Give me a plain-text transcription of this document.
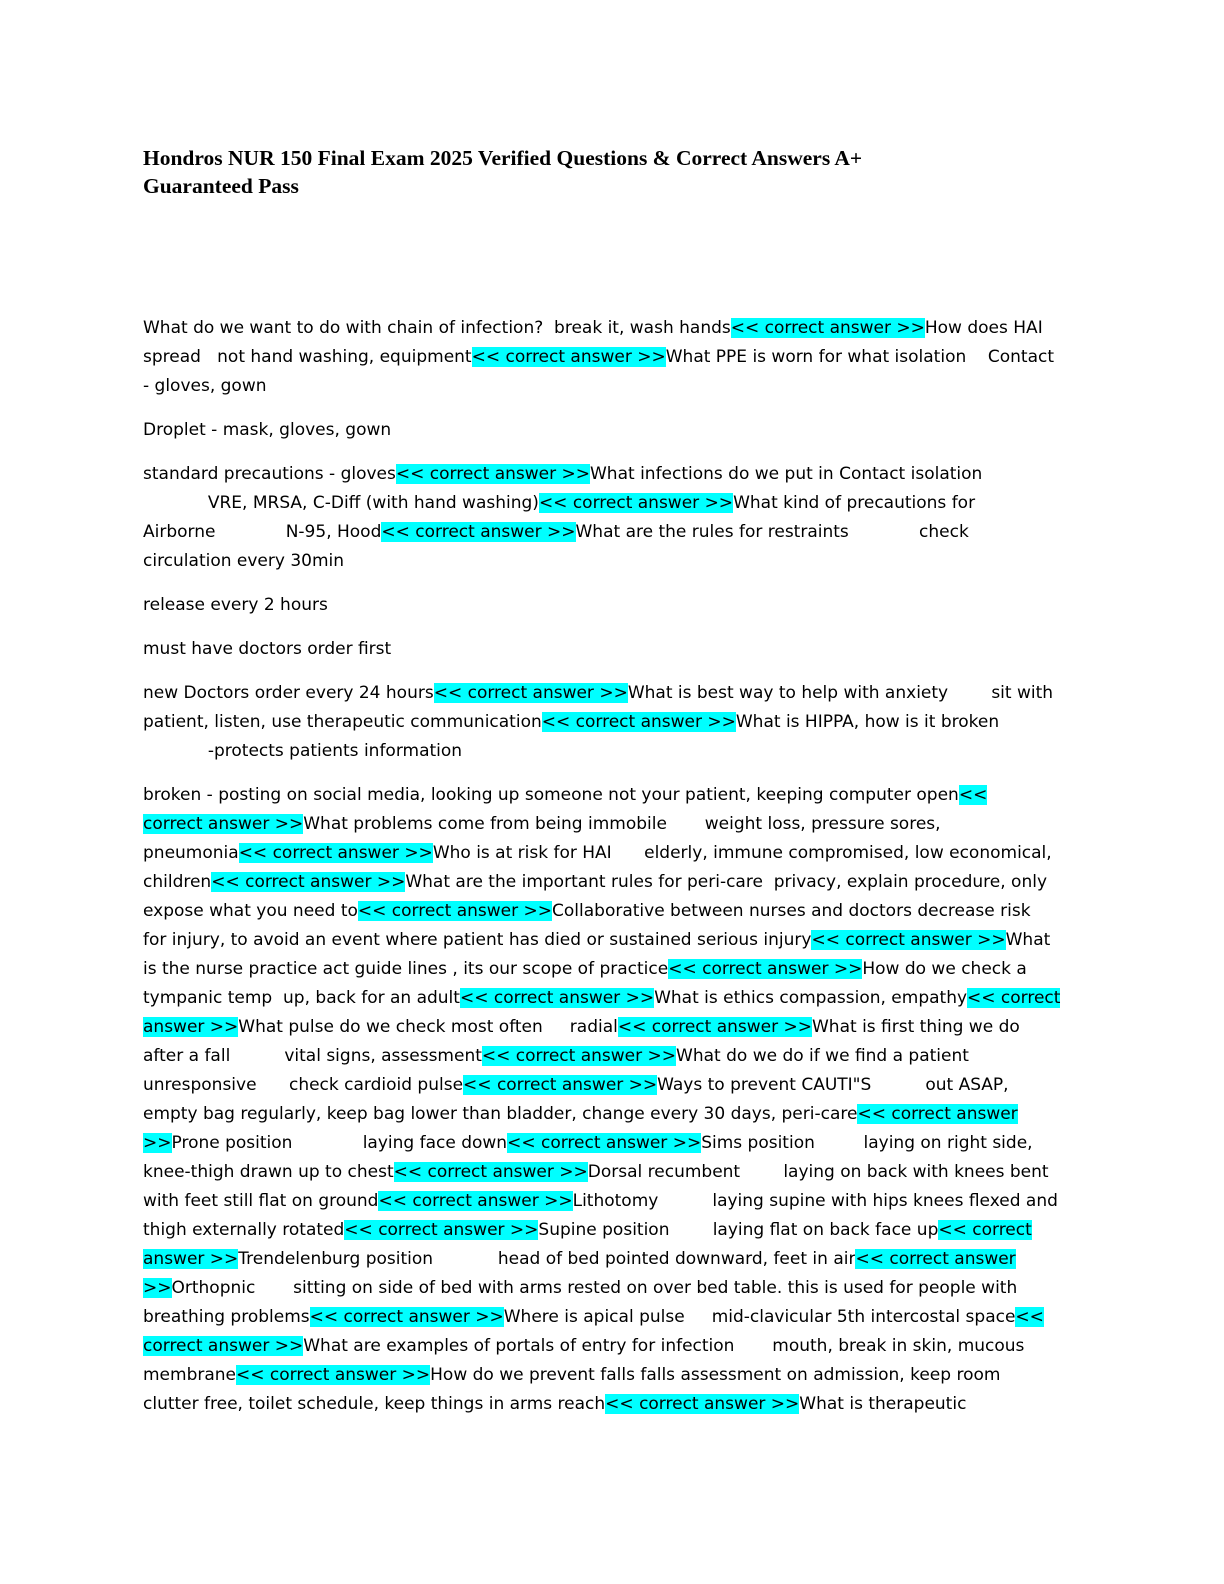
Hondros NUR 150 Final Exam 2025 Verified Questions & Correct Answers A+
Guaranteed Pass
What do we want to do with chain of infection?  break it, wash hands<< correct answer >>How does HAI
spread   not hand washing, equipment<< correct answer >>What PPE is worn for what isolation    Contact
- gloves, gown
Droplet - mask, gloves, gown
standard precautions - gloves<< correct answer >>What infections do we put in Contact isolation
VRE, MRSA, C-Diff (with hand washing)<< correct answer >>What kind of precautions for
Airborne             N-95, Hood<< correct answer >>What are the rules for restraints             check
circulation every 30min
release every 2 hours
must have doctors order first
new Doctors order every 24 hours<< correct answer >>What is best way to help with anxiety        sit with
patient, listen, use therapeutic communication<< correct answer >>What is HIPPA, how is it broken
-protects patients information
broken - posting on social media, looking up someone not your patient, keeping computer open<<
correct answer >>What problems come from being immobile       weight loss, pressure sores,
pneumonia<< correct answer >>Who is at risk for HAI      elderly, immune compromised, low economical,
children<< correct answer >>What are the important rules for peri-care  privacy, explain procedure, only
expose what you need to<< correct answer >>Collaborative between nurses and doctors decrease risk
for injury, to avoid an event where patient has died or sustained serious injury<< correct answer >>What
is the nurse practice act guide lines , its our scope of practice<< correct answer >>How do we check a
tympanic temp  up, back for an adult<< correct answer >>What is ethics compassion, empathy<< correct
answer >>What pulse do we check most often     radial<< correct answer >>What is first thing we do
after a fall          vital signs, assessment<< correct answer >>What do we do if we find a patient
unresponsive      check cardioid pulse<< correct answer >>Ways to prevent CAUTI"S          out ASAP,
empty bag regularly, keep bag lower than bladder, change every 30 days, peri-care<< correct answer
>>Prone position             laying face down<< correct answer >>Sims position         laying on right side,
knee-thigh drawn up to chest<< correct answer >>Dorsal recumbent        laying on back with knees bent
with feet still flat on ground<< correct answer >>Lithotomy          laying supine with hips knees flexed and
thigh externally rotated<< correct answer >>Supine position        laying flat on back face up<< correct
answer >>Trendelenburg position            head of bed pointed downward, feet in air<< correct answer
>>Orthopnic       sitting on side of bed with arms rested on over bed table. this is used for people with
breathing problems<< correct answer >>Where is apical pulse     mid-clavicular 5th intercostal space<<
correct answer >>What are examples of portals of entry for infection       mouth, break in skin, mucous
membrane<< correct answer >>How do we prevent falls falls assessment on admission, keep room
clutter free, toilet schedule, keep things in arms reach<< correct answer >>What is therapeutic
